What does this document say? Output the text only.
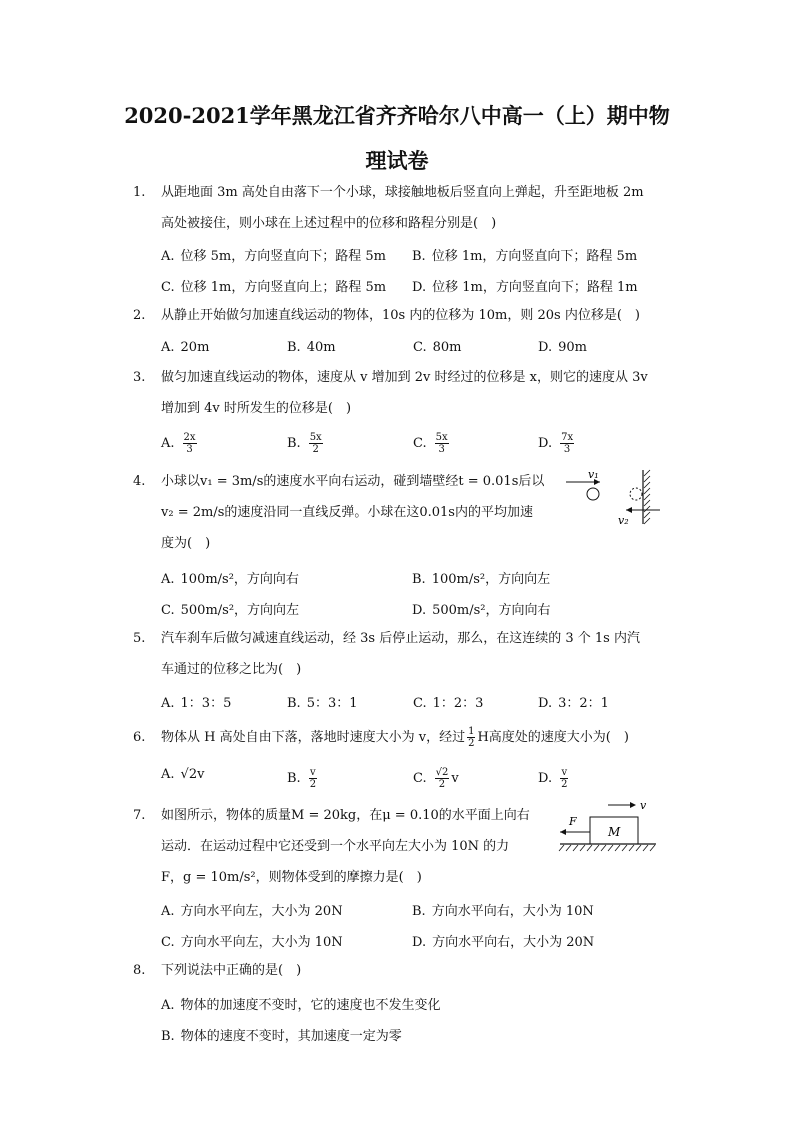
2020-2021学年黑龙江省齐齐哈尔八中高一（上）期中物
理试卷
1. 从距地面 3m 高处自由落下一个小球，球接触地板后竖直向上弹起，升至距地板 2m
高处被接住，则小球在上述过程中的位移和路程分别是(　)
A. 位移 5m，方向竖直向下；路程 5m B. 位移 1m，方向竖直向下；路程 5m
C. 位移 1m，方向竖直向上；路程 5m D. 位移 1m，方向竖直向下；路程 1m
2. 从静止开始做匀加速直线运动的物体，10s 内的位移为 10m，则 20s 内位移是(　)
A. 20m	B. 40m	C. 80m	D. 90m
3. 做匀加速直线运动的物体，速度从 v 增加到 2v 时经过的位移是 x，则它的速度从 3v
增加到 4v 时所发生的位移是(　)
A. $\frac{2x}{3}$	B. $\frac{5x}{2}$	C. $\frac{5x}{3}$	D. $\frac{7x}{3}$
4. 小球以v₁ = 3m/s的速度水平向右运动，碰到墙壁经t = 0.01s后以
v₂ = 2m/s的速度沿同一直线反弹。小球在这0.01s内的平均加速
度为(　)
v₁
v₂
A. 100m/s²，方向向右	B. 100m/s²，方向向左
C. 500m/s²，方向向左	D. 500m/s²，方向向右
5. 汽车刹车后做匀减速直线运动，经 3s 后停止运动，那么，在这连续的 3 个 1s 内汽
车通过的位移之比为(　)
A. 1：3：5	B. 5：3：1	C. 1：2：3	D. 3：2：1
6. 物体从 H 高处自由下落，落地时速度大小为 v，经过 $\frac{1}{2}$ H高度处的速度大小为(　)
A. √2v	B. $\frac{v}{2}$	C. $\frac{√2}{2}$ v	D. $\frac{v}{2}$
7. 如图所示，物体的质量M = 20kg，在μ = 0.10的水平面上向右
运动．在运动过程中它还受到一个水平向左大小为 10N 的力
F，g = 10m/s²，则物体受到的摩擦力是(　)
v
F
M
A. 方向水平向左，大小为 20N	B. 方向水平向右，大小为 10N
C. 方向水平向左，大小为 10N	D. 方向水平向右，大小为 20N
8. 下列说法中正确的是(　)
A. 物体的加速度不变时，它的速度也不发生变化
B. 物体的速度不变时，其加速度一定为零
